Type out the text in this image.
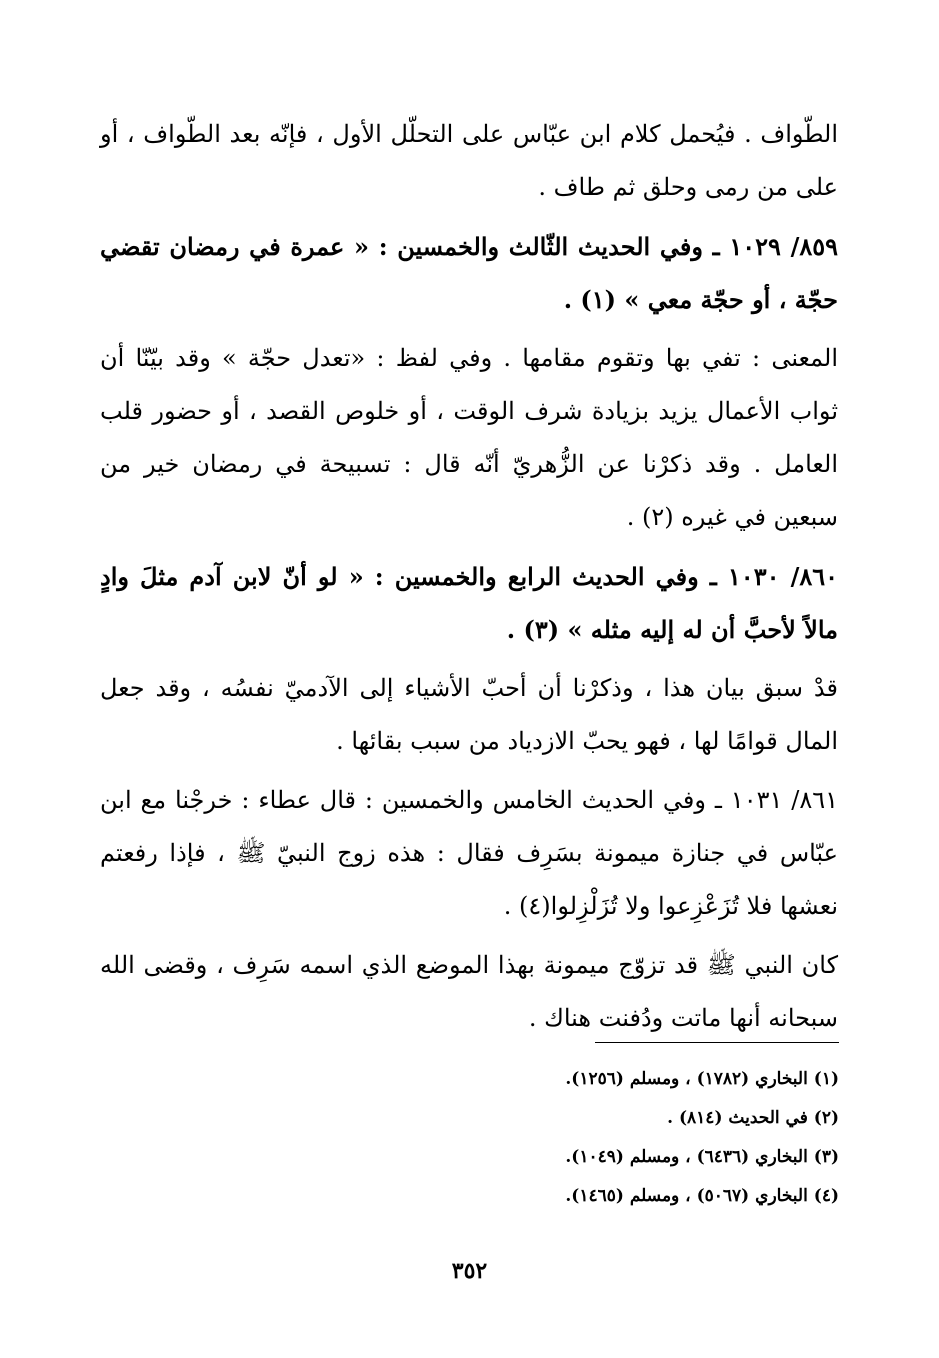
الطّواف . فيُحمل كلام ابن عبّاس على التحلّل الأول ، فإنّه بعد الطّواف ، أو على من رمى وحلق ثم طاف .

٨٥٩/ ١٠٢٩ ـ وفي الحديث الثّالث والخمسين : « عمرة في رمضان تقضي حجّة ، أو حجّة معي » (١) .

المعنى : تفي بها وتقوم مقامها . وفي لفظ : «تعدل حجّة » وقد بيّنّا أن ثواب الأعمال يزيد بزيادة شرف الوقت ، أو خلوص القصد ، أو حضور قلب العامل . وقد ذكرْنا عن الزُّهريّ أنّه قال : تسبيحة في رمضان خير من سبعين في غيره (٢) .

٨٦٠/ ١٠٣٠ ـ وفي الحديث الرابع والخمسين : « لو أنّ لابن آدم مثلَ وادٍ مالاً لأحبَّ أن له إليه مثله » (٣) .

قدْ سبق بيان هذا ، وذكرْنا أن أحبّ الأشياء إلى الآدميّ نفسُه ، وقد جعل المال قوامًا لها ، فهو يحبّ الازدياد من سبب بقائها .

٨٦١/ ١٠٣١ ـ وفي الحديث الخامس والخمسين : قال عطاء : خرجْنا مع ابن عبّاس في جنازة ميمونة بسَرِف فقال : هذه زوج النبيّ ﷺ ، فإذا رفعتم نعشها فلا تُزَعْزِعوا ولا تُزَلْزِلوا(٤) .

كان النبي ﷺ قد تزوّج ميمونة بهذا الموضع الذي اسمه سَرِف ، وقضى الله سبحانه أنها ماتت ودُفنت هناك .

(١) البخاري (١٧٨٢) ، ومسلم (١٢٥٦).

(٢) في الحديث (٨١٤) .

(٣) البخاري (٦٤٣٦) ، ومسلم (١٠٤٩).

(٤) البخاري (٥٠٦٧) ، ومسلم (١٤٦٥).

٣٥٢
